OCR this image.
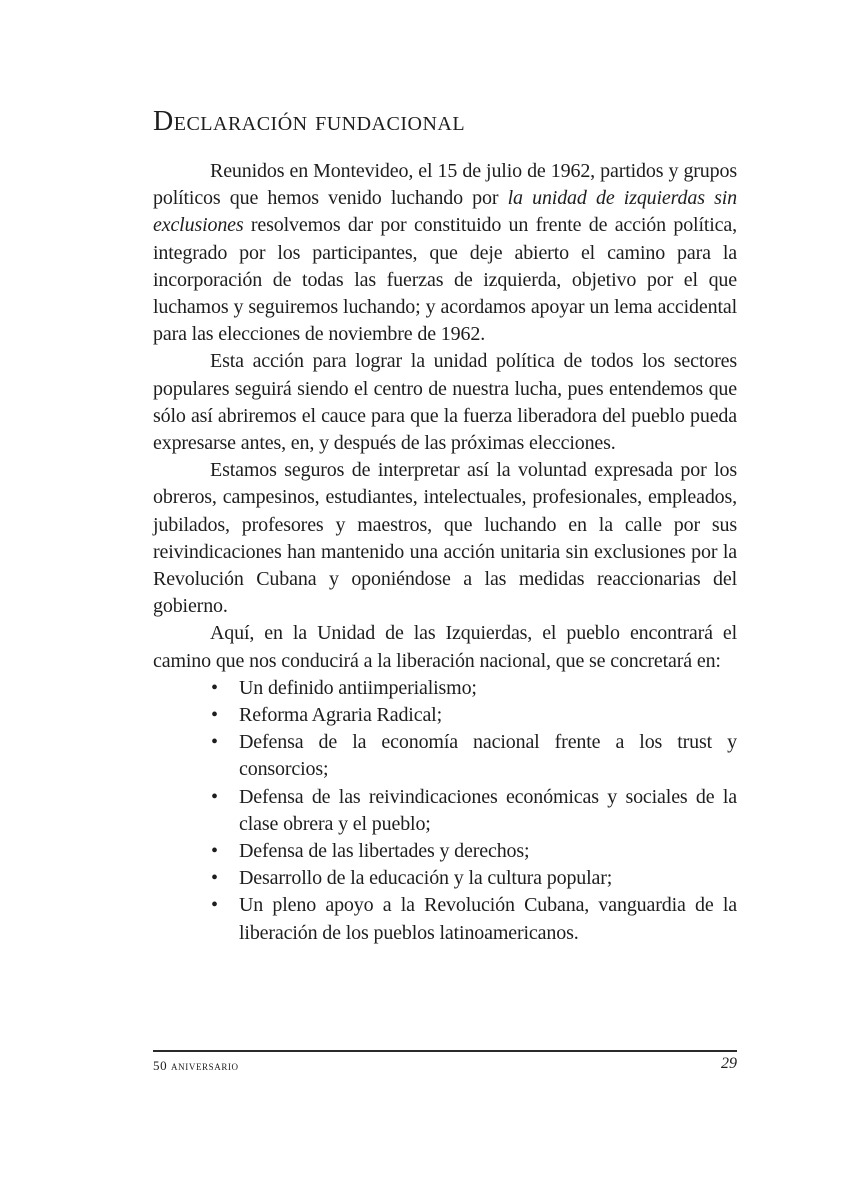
Declaración fundacional

Reunidos en Montevideo, el 15 de julio de 1962, partidos y grupos políticos que hemos venido luchando por la unidad de izquierdas sin exclusiones resolvemos dar por constituido un frente de acción política, integrado por los participantes, que deje abierto el camino para la incorporación de todas las fuerzas de izquierda, objetivo por el que luchamos y seguiremos luchando; y acordamos apoyar un lema accidental para las elecciones de noviembre de 1962.

Esta acción para lograr la unidad política de todos los sectores populares seguirá siendo el centro de nuestra lucha, pues entendemos que sólo así abriremos el cauce para que la fuerza liberadora del pueblo pueda expresarse antes, en, y después de las próximas elecciones.

Estamos seguros de interpretar así la voluntad expresada por los obreros, campesinos, estudiantes, intelectuales, profesionales, empleados, jubilados, profesores y maestros, que luchando en la calle por sus reivindicaciones han mantenido una acción unitaria sin exclusiones por la Revolución Cubana y oponiéndose a las medidas reaccionarias del gobierno.

Aquí, en la Unidad de las Izquierdas, el pueblo encontrará el camino que nos conducirá a la liberación nacional, que se concretará en:

• Un definido antiimperialismo;
• Reforma Agraria Radical;
• Defensa de la economía nacional frente a los trust y consorcios;
• Defensa de las reivindicaciones económicas y sociales de la clase obrera y el pueblo;
• Defensa de las libertades y derechos;
• Desarrollo de la educación y la cultura popular;
• Un pleno apoyo a la Revolución Cubana, vanguardia de la liberación de los pueblos latinoamericanos.
50 aniversario	29
